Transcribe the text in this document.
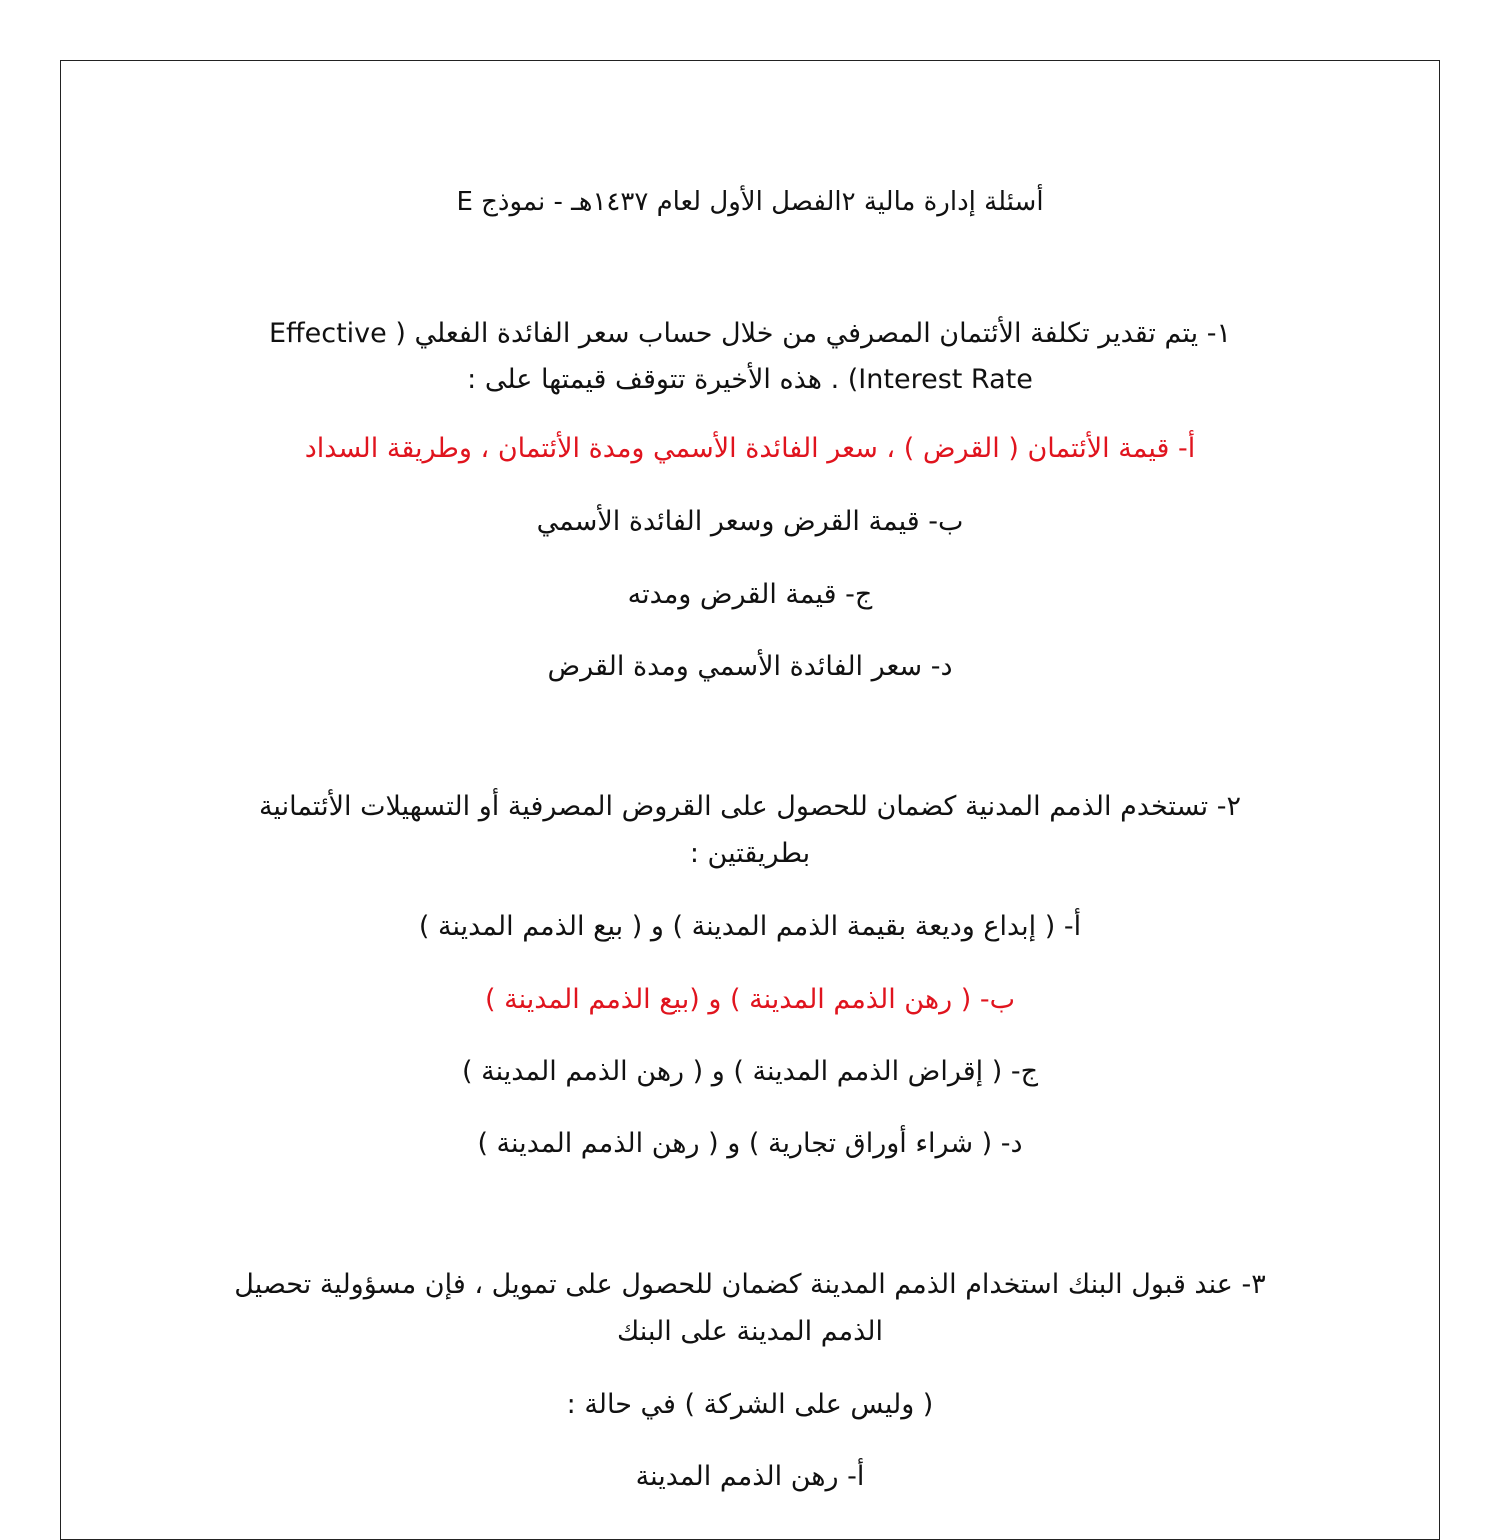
أسئلة إدارة مالية ٢الفصل الأول لعام ١٤٣٧هـ - نموذج E
١- يتم تقدير تكلفة الأئتمان المصرفي من خلال حساب سعر الفائدة الفعلي ( Effective
Interest Rate) . هذه الأخيرة تتوقف قيمتها على :
أ- قيمة الأئتمان ( القرض ) ، سعر الفائدة الأسمي ومدة الأئتمان ، وطريقة السداد
ب- قيمة القرض وسعر الفائدة الأسمي
ج- قيمة القرض ومدته
د- سعر الفائدة الأسمي ومدة القرض
٢- تستخدم الذمم المدنية كضمان للحصول على القروض المصرفية أو التسهيلات الأئتمانية
بطريقتين :
أ- ( إبداع وديعة بقيمة الذمم المدينة ) و ( بيع الذمم المدينة )
ب- ( رهن الذمم المدينة ) و (بيع الذمم المدينة )
ج- ( إقراض الذمم المدينة ) و ( رهن الذمم المدينة )
د- ( شراء أوراق تجارية ) و ( رهن الذمم المدينة )
٣- عند قبول البنك استخدام الذمم المدينة كضمان للحصول على تمويل ، فإن مسؤولية تحصيل
الذمم المدينة على البنك
( وليس على الشركة ) في حالة :
أ- رهن الذمم المدينة
